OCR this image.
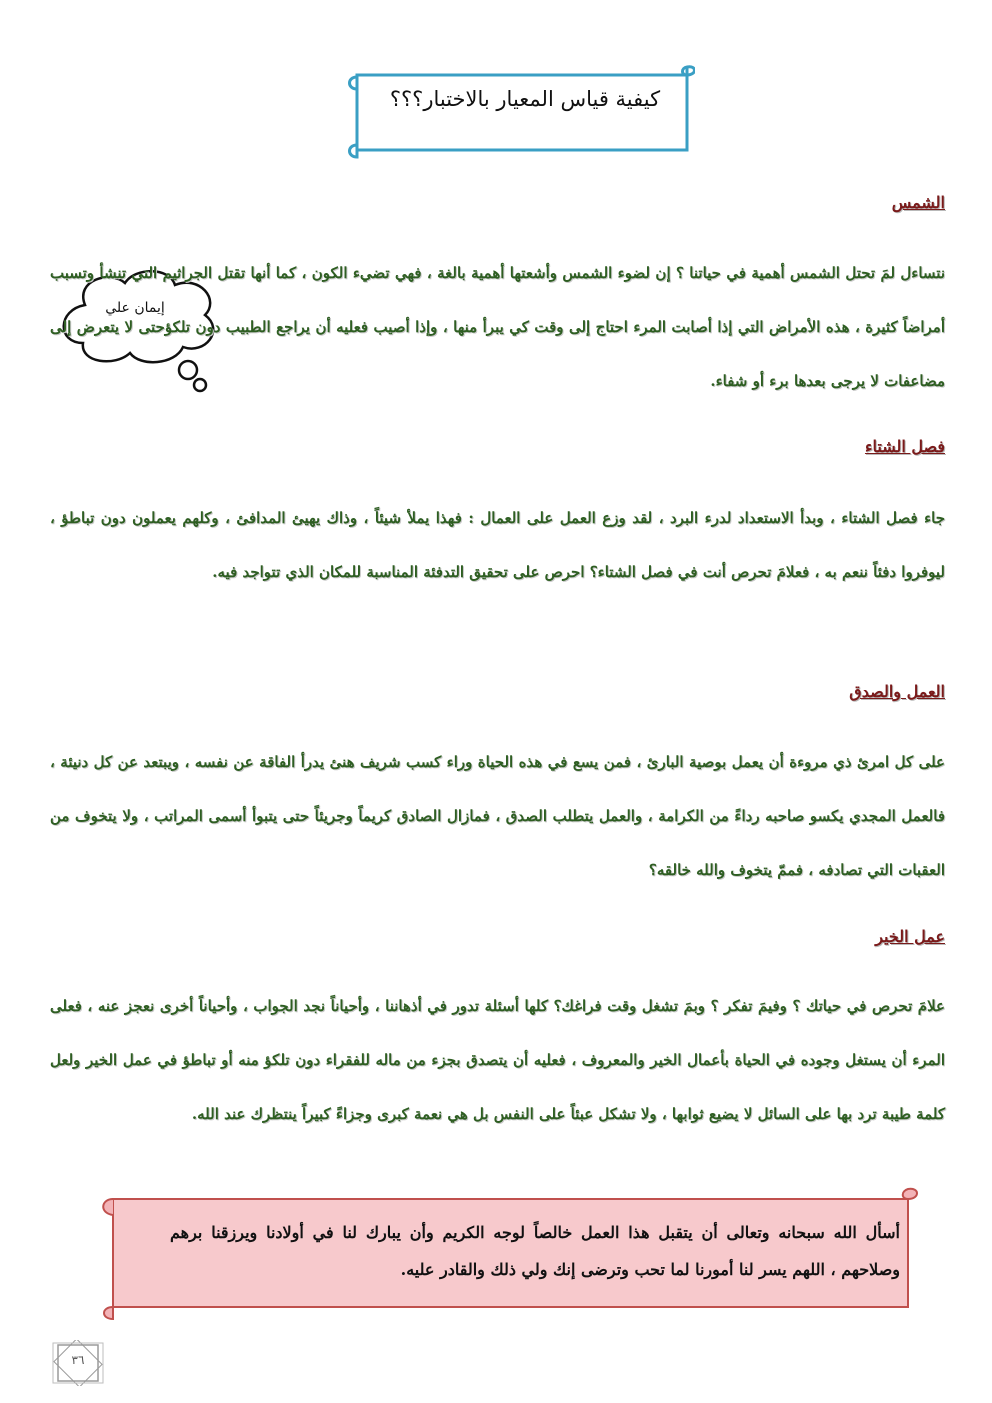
كيفية قياس المعيار بالاختبار؟؟؟
إيمان علي
الشمس
نتساءل لمَ تحتل الشمس أهمية في حياتنا ؟ إن لضوء الشمس وأشعتها أهمية بالغة ، فهي تضيء الكون ، كما أنها تقتل الجراثيم التي تنشأ وتسبب أمراضاً كثيرة ، هذه الأمراض التي إذا أصابت المرء احتاج إلى وقت كي يبرأ منها ، وإذا أصيب فعليه أن يراجع الطبيب دون تلكؤحتى لا يتعرض إلى مضاعفات لا يرجى بعدها برء أو شفاء.
فصل الشتاء
جاء فصل الشتاء ، وبدأ الاستعداد لدرء البرد ، لقد وزع العمل على العمال : فهذا يملأ شيئاً ، وذاك يهيئ المدافئ ، وكلهم يعملون دون تباطؤ ، ليوفروا دفئاً ننعم به ، فعلامَ تحرص أنت في فصل الشتاء؟ احرص على تحقيق التدفئة المناسبة للمكان الذي تتواجد فيه.
العمل والصدق
على كل امرئ ذي مروءة أن يعمل بوصية البارئ ، فمن يسع في هذه الحياة وراء كسب شريف هنئ يدرأ الفاقة عن نفسه ، ويبتعد عن كل دنيئة ، فالعمل المجدي يكسو صاحبه رداءً من الكرامة ، والعمل يتطلب الصدق ، فمازال الصادق كريماً وجريئاً حتى يتبوأ أسمى المراتب ، ولا يتخوف من العقبات التي تصادفه ، فممّ يتخوف والله خالقه؟
عمل الخير
علامَ تحرص في حياتك ؟ وفيمَ تفكر ؟ وبمَ تشغل وقت فراغك؟ كلها أسئلة تدور في أذهاننا ، وأحياناً نجد الجواب ، وأحياناً أخرى نعجز عنه ، فعلى المرء أن يستغل وجوده في الحياة بأعمال الخير والمعروف ، فعليه أن يتصدق بجزء من ماله للفقراء دون تلكؤ منه أو تباطؤ في عمل الخير ولعل كلمة طيبة ترد بها على السائل لا يضيع ثوابها ، ولا تشكل عبئاً على النفس بل هي نعمة كبرى وجزاءً كبيراً ينتظرك عند الله.
أسأل الله سبحانه وتعالى أن يتقبل هذا العمل خالصاً لوجه الكريم وأن يبارك لنا في أولادنا ويرزقنا برهم وصلاحهم ، اللهم يسر لنا أمورنا لما تحب وترضى إنك ولي ذلك والقادر عليه.
٣٦
